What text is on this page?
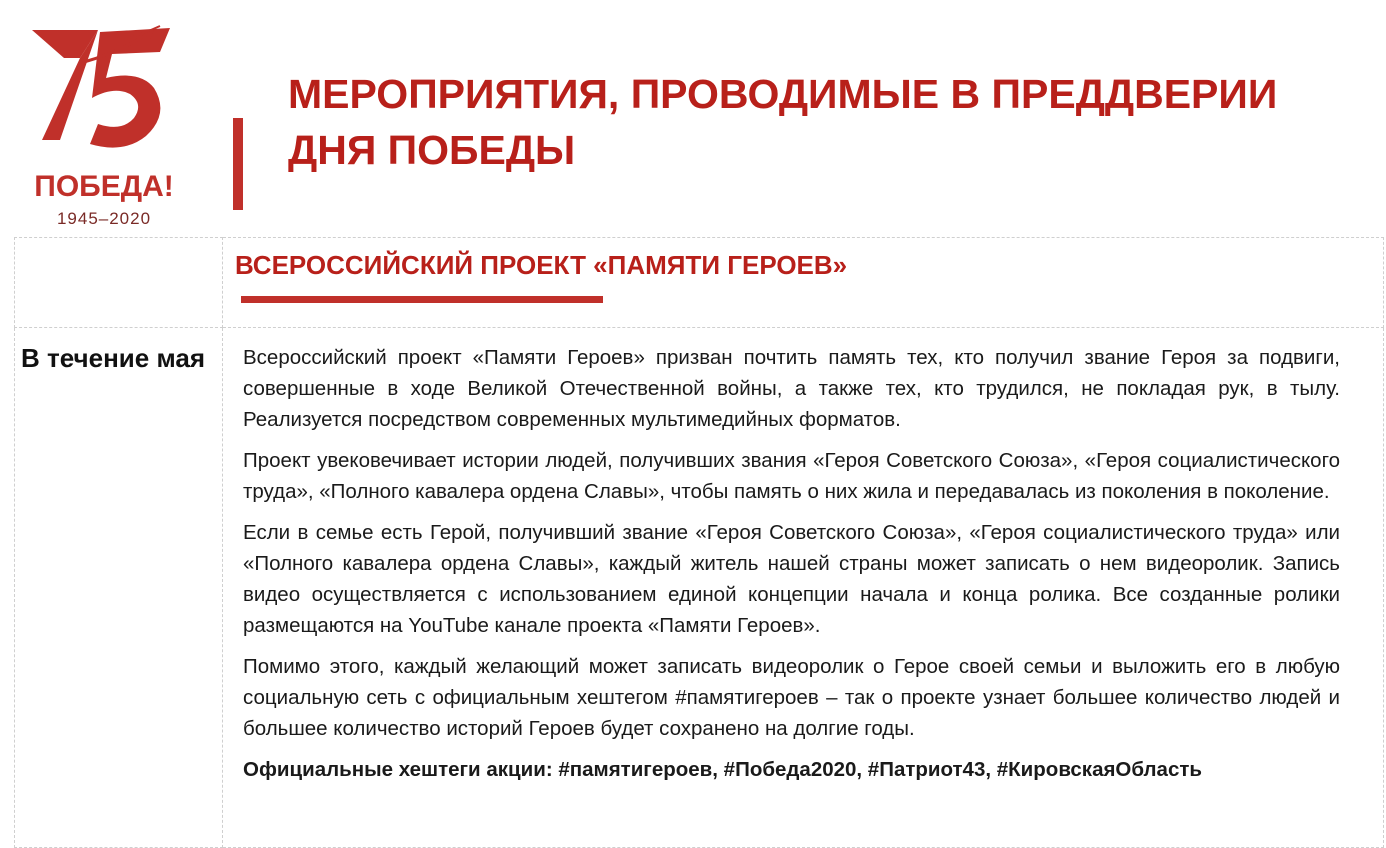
ПОБЕДА!
1945–2020
МЕРОПРИЯТИЯ, ПРОВОДИМЫЕ В ПРЕДДВЕРИИ
ДНЯ ПОБЕДЫ

	ВСЕРОССИЙСКИЙ ПРОЕКТ «ПАМЯТИ ГЕРОЕВ»

В течение мая	Всероссийский проект «Памяти Героев» призван почтить память тех, кто получил звание Героя за подвиги, совершенные в ходе Великой Отечественной войны, а также тех, кто трудился, не покладая рук, в тылу. Реализуется посредством современных мультимедийных форматов.

Проект увековечивает истории людей, получивших звания «Героя Советского Союза», «Героя социалистического труда», «Полного кавалера ордена Славы», чтобы память о них жила и передавалась из поколения в поколение.

Если в семье есть Герой, получивший звание «Героя Советского Союза», «Героя социалистического труда» или «Полного кавалера ордена Славы», каждый житель нашей страны может записать о нем видеоролик. Запись видео осуществляется с использованием единой концепции начала и конца ролика. Все созданные ролики размещаются на YouTube канале проекта «Памяти Героев».

Помимо этого, каждый желающий может записать видеоролик о Герое своей семьи и выложить его в любую социальную сеть с официальным хештегом #памятигероев – так о проекте узнает большее количество людей и большее количество историй Героев будет сохранено на долгие годы.

Официальные хештеги акции: #памятигероев, #Победа2020, #Патриот43, #КировскаяОбласть
